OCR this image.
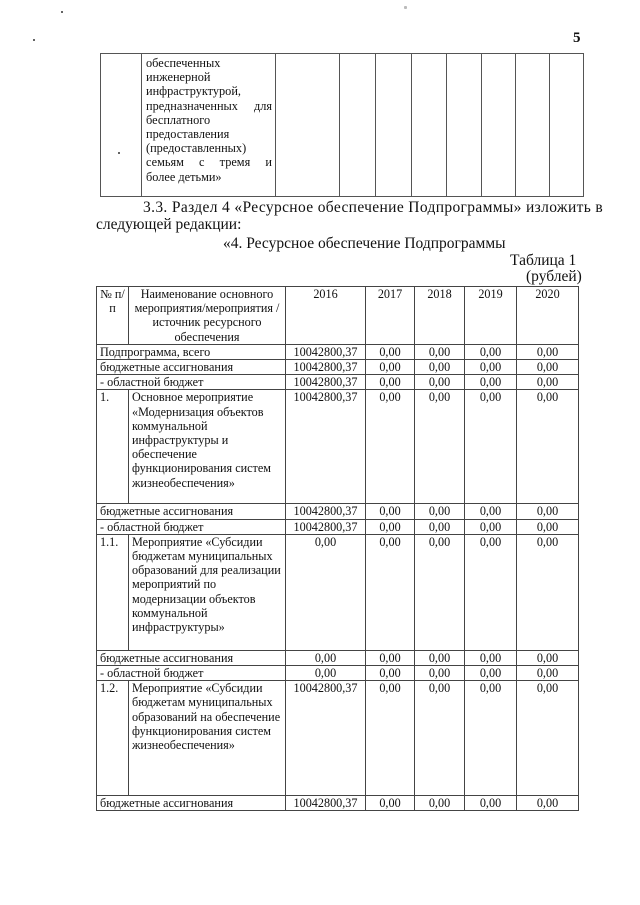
5

обеспеченных
инженерной
инфраструктурой,
предназначенных для
бесплатного
предоставления
(предоставленных)
семьям с тремя и
более детьми»

3.3. Раздел 4 «Ресурсное обеспечение Подпрограммы» изложить в
следующей редакции:
«4. Ресурсное обеспечение Подпрограммы
Таблица 1
(рублей)
№ п/п	Наименование основного мероприятия/мероприятия /источник ресурсного обеспечения	2016	2017	2018	2019	2020
Подпрограмма, всего		10042800,37	0,00	0,00	0,00	0,00
бюджетные ассигнования		10042800,37	0,00	0,00	0,00	0,00
- областной бюджет		10042800,37	0,00	0,00	0,00	0,00
1.	Основное мероприятие «Модернизация объектов коммунальной инфраструктуры и обеспечение функционирования систем жизнеобеспечения»	10042800,37	0,00	0,00	0,00	0,00
бюджетные ассигнования		10042800,37	0,00	0,00	0,00	0,00
- областной бюджет		10042800,37	0,00	0,00	0,00	0,00
1.1.	Мероприятие «Субсидии бюджетам муниципальных образований для реализации мероприятий по модернизации объектов коммунальной инфраструктуры»	0,00	0,00	0,00	0,00	0,00
бюджетные ассигнования		0,00	0,00	0,00	0,00	0,00
- областной бюджет		0,00	0,00	0,00	0,00	0,00
1.2.	Мероприятие «Субсидии бюджетам муниципальных образований на обеспечение функционирования систем жизнеобеспечения»	10042800,37	0,00	0,00	0,00	0,00
бюджетные ассигнования		10042800,37	0,00	0,00	0,00	0,00
